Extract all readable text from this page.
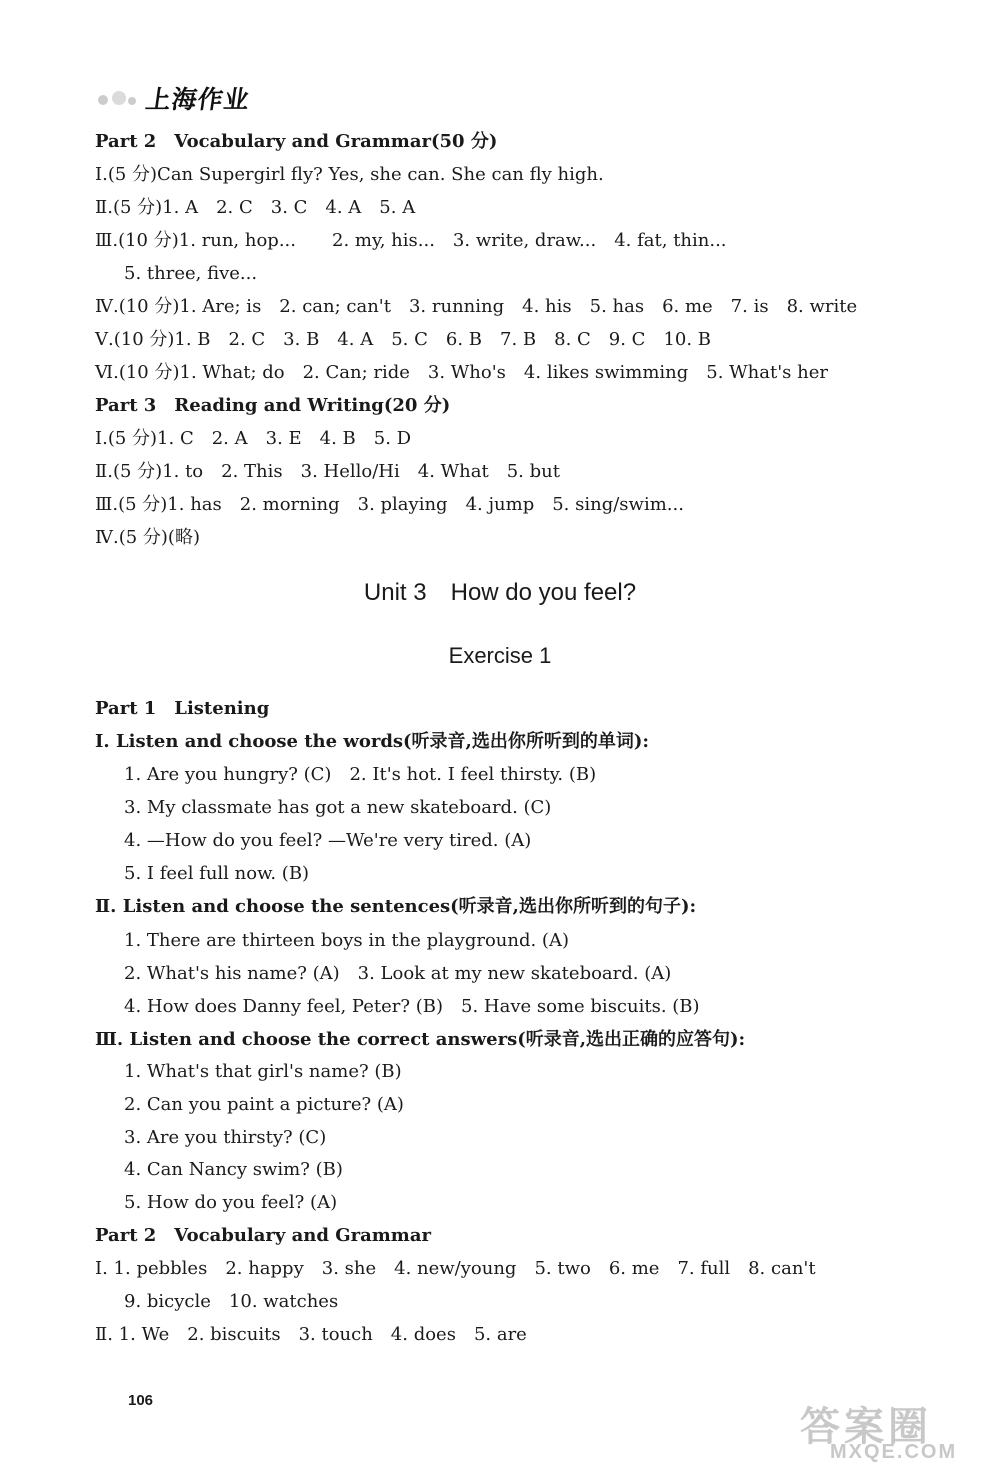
上海作业
Part 2　Vocabulary and Grammar(50 分)
Ⅰ.(5 分)Can Supergirl fly? Yes, she can. She can fly high.
Ⅱ.(5 分)1. A　2. C　3. C　4. A　5. A
Ⅲ.(10 分)1. run, hop...　　2. my, his...　3. write, draw...　4. fat, thin...
5. three, five...
Ⅳ.(10 分)1. Are; is　2. can; can't　3. running　4. his　5. has　6. me　7. is　8. write
Ⅴ.(10 分)1. B　2. C　3. B　4. A　5. C　6. B　7. B　8. C　9. C　10. B
Ⅵ.(10 分)1. What; do　2. Can; ride　3. Who's　4. likes swimming　5. What's her
Part 3　Reading and Writing(20 分)
Ⅰ.(5 分)1. C　2. A　3. E　4. B　5. D
Ⅱ.(5 分)1. to　2. This　3. Hello/Hi　4. What　5. but
Ⅲ.(5 分)1. has　2. morning　3. playing　4. jump　5. sing/swim...
Ⅳ.(5 分)(略)
Unit 3　How do you feel?
Exercise 1
Part 1　Listening
Ⅰ. Listen and choose the words(听录音,选出你所听到的单词):
1. Are you hungry? (C)　2. It's hot. I feel thirsty. (B)
3. My classmate has got a new skateboard. (C)
4. —How do you feel? —We're very tired. (A)
5. I feel full now. (B)
Ⅱ. Listen and choose the sentences(听录音,选出你所听到的句子):
1. There are thirteen boys in the playground. (A)
2. What's his name? (A)　3. Look at my new skateboard. (A)
4. How does Danny feel, Peter? (B)　5. Have some biscuits. (B)
Ⅲ. Listen and choose the correct answers(听录音,选出正确的应答句):
1. What's that girl's name? (B)
2. Can you paint a picture? (A)
3. Are you thirsty? (C)
4. Can Nancy swim? (B)
5. How do you feel? (A)
Part 2　Vocabulary and Grammar
Ⅰ. 1. pebbles　2. happy　3. she　4. new/young　5. two　6. me　7. full　8. can't
9. bicycle　10. watches
Ⅱ. 1. We　2. biscuits　3. touch　4. does　5. are
106
答案圈
MXQE.COM
